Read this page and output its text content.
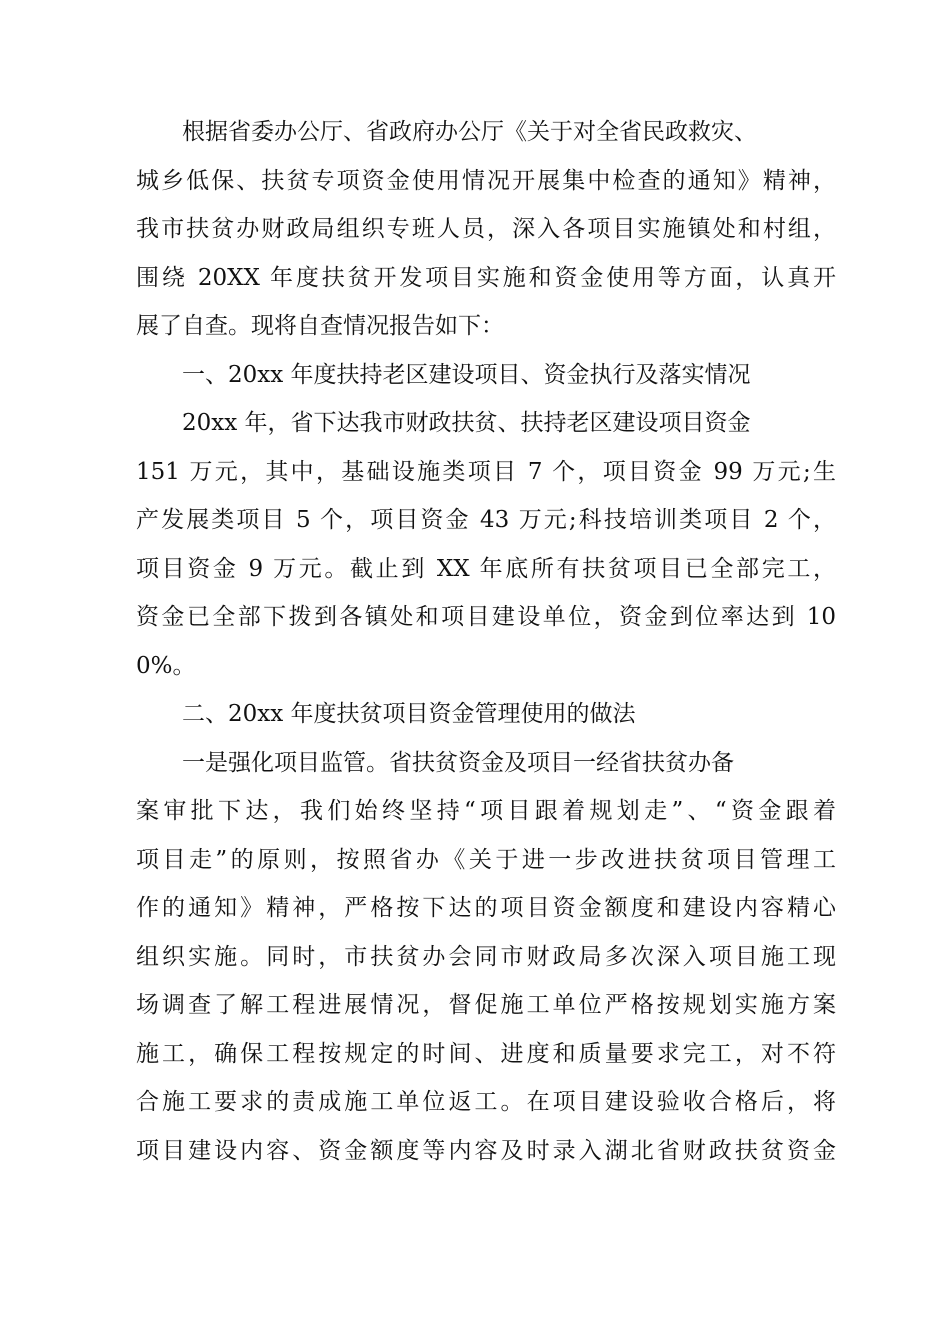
根据省委办公厅、省政府办公厅《关于对全省民政救灾、
城乡低保、扶贫专项资金使用情况开展集中检查的通知》精神，
我市扶贫办财政局组织专班人员，深入各项目实施镇处和村组，
围绕 20XX 年度扶贫开发项目实施和资金使用等方面，认真开
展了自查。现将自查情况报告如下：
一、20xx 年度扶持老区建设项目、资金执行及落实情况
20xx 年，省下达我市财政扶贫、扶持老区建设项目资金
151 万元，其中，基础设施类项目 7 个，项目资金 99 万元;生
产发展类项目 5 个，项目资金 43 万元;科技培训类项目 2 个，
项目资金 9 万元。截止到 XX 年底所有扶贫项目已全部完工，
资金已全部下拨到各镇处和项目建设单位，资金到位率达到 10
0%。
二、20xx 年度扶贫项目资金管理使用的做法
一是强化项目监管。省扶贫资金及项目一经省扶贫办备
案审批下达，我们始终坚持“项目跟着规划走”、“资金跟着
项目走”的原则，按照省办《关于进一步改进扶贫项目管理工
作的通知》精神，严格按下达的项目资金额度和建设内容精心
组织实施。同时，市扶贫办会同市财政局多次深入项目施工现
场调查了解工程进展情况，督促施工单位严格按规划实施方案
施工，确保工程按规定的时间、进度和质量要求完工，对不符
合施工要求的责成施工单位返工。在项目建设验收合格后，将
项目建设内容、资金额度等内容及时录入湖北省财政扶贫资金
